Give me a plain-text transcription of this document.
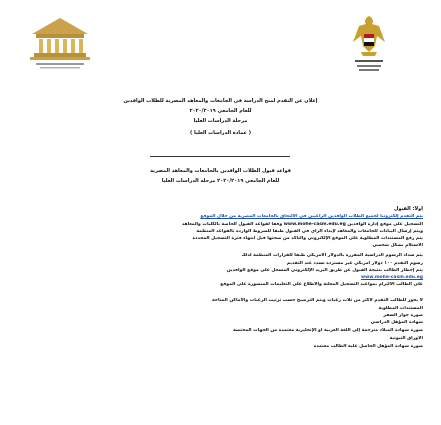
إعلان عن التقدم لمنح الدراسة في الجامعات والمعاهد المصرية للطلاب الوافدين
للعام الجامعي ٢٠٢٠/٢٠١٩
مرحلة الدراسات العليا
( عمادة الدراسات العليا )
قواعد قبول الطلاب الوافدين بالجامعات والمعاهد المصرية
للعام الجامعي ٢٠٢٠/٢٠١٩ مرحلة الدراسات العليا
أولاً: القبول
يتم التقدم إلكترونياً لجميع الطلاب الوافدين الراغبين في الالتحاق بالجامعات المصرية من خلال الموقع
التسجيل على موقع إدارة الوافدين www.mohe-casm.edu.eg وفقاً لقواعد القبول الخاصة بالكليات والمعاهد
ويتم إرسال البيانات للجامعات والمعاهد لإبداء الرأي في القبول طبقاً للشروط الواردة بالقواعد المنظمة
يتم رفع المستندات المطلوبة على الموقع الإلكتروني والتأكد من صحتها قبل انتهاء فترة التسجيل المحددة
الاستلام بشكل شخصي
يتم سداد الرسوم الدراسية المقررة بالدولار الأمريكي طبقاً للقرارات المنظمة لذلك
رسوم التقدم ١٠٠ دولار أمريكي غير مستردة تسدد عند التقديم
يتم إخطار الطالب بنتيجة القبول عن طريق البريد الإلكتروني المسجل على موقع الوافدين
www.mohe-casm.edu.eg
على الطالب الالتزام بمواعيد التسجيل المعلنة والاطلاع على التعليمات المنشورة على الموقع
لا يجوز للطالب التقدم لأكثر من ثلاث رغبات ويتم الترشيح حسب ترتيب الرغبات والأماكن المتاحة
المستندات المطلوبة
صورة جواز السفر
شهادة المؤهل الدراسي
صورة شهادة الميلاد مترجمة إلى اللغة العربية أو الإنجليزية معتمدة من الجهات المختصة
الأوراق الثبوتية
صورة شهادة المؤهل الحاصل عليه الطالب معتمدة
